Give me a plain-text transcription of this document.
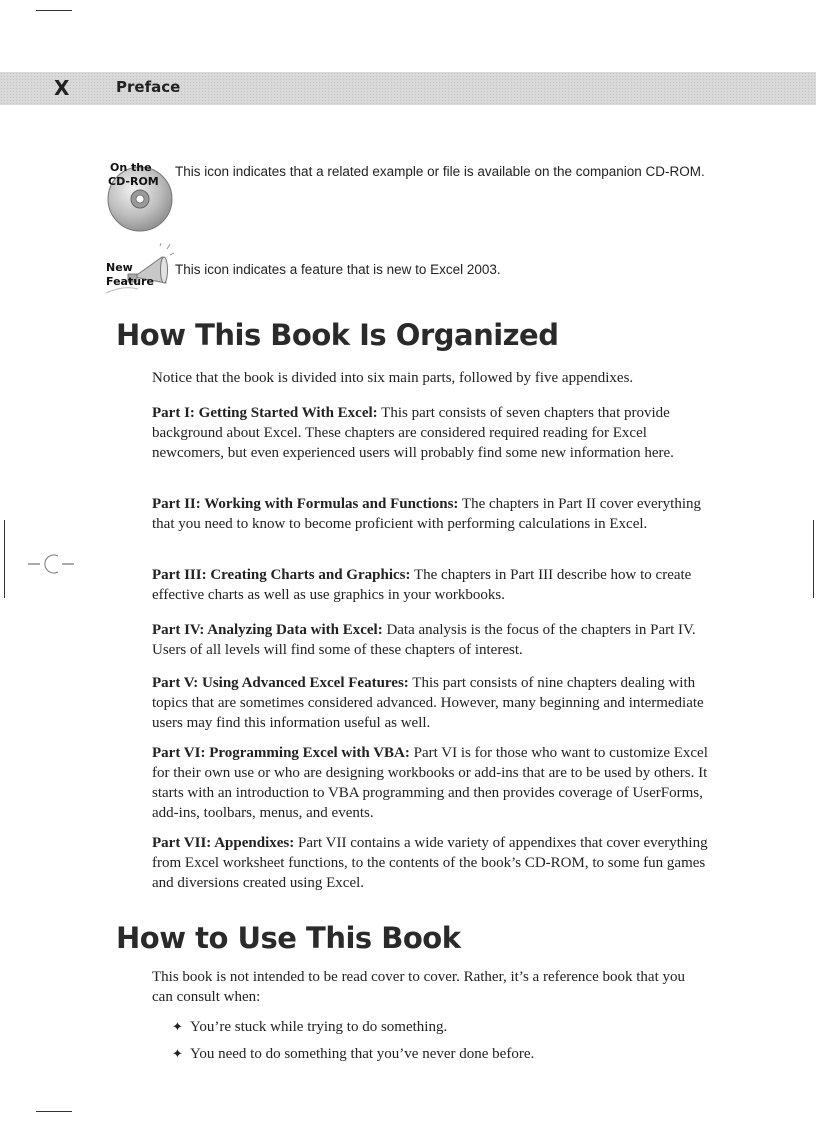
X	Preface
On the
CD-ROM

This icon indicates that a related example or file is available on the companion CD-ROM.

New
Feature

This icon indicates a feature that is new to Excel 2003.

How This Book Is Organized

Notice that the book is divided into six main parts, followed by five appendixes.

Part I: Getting Started With Excel: This part consists of seven chapters that provide background about Excel. These chapters are considered required reading for Excel newcomers, but even experienced users will probably find some new information here.

Part II: Working with Formulas and Functions: The chapters in Part II cover everything that you need to know to become proficient with performing calculations in Excel.

Part III: Creating Charts and Graphics: The chapters in Part III describe how to create effective charts as well as use graphics in your workbooks.

Part IV: Analyzing Data with Excel: Data analysis is the focus of the chapters in Part IV. Users of all levels will find some of these chapters of interest.

Part V: Using Advanced Excel Features: This part consists of nine chapters dealing with topics that are sometimes considered advanced. However, many beginning and intermediate users may find this information useful as well.

Part VI: Programming Excel with VBA: Part VI is for those who want to customize Excel for their own use or who are designing workbooks or add-ins that are to be used by others. It starts with an introduction to VBA programming and then provides coverage of UserForms, add-ins, toolbars, menus, and events.

Part VII: Appendixes: Part VII contains a wide variety of appendixes that cover everything from Excel worksheet functions, to the contents of the book’s CD-ROM, to some fun games and diversions created using Excel.

How to Use This Book

This book is not intended to be read cover to cover. Rather, it’s a reference book that you can consult when:

✦ You’re stuck while trying to do something.

✦ You need to do something that you’ve never done before.
